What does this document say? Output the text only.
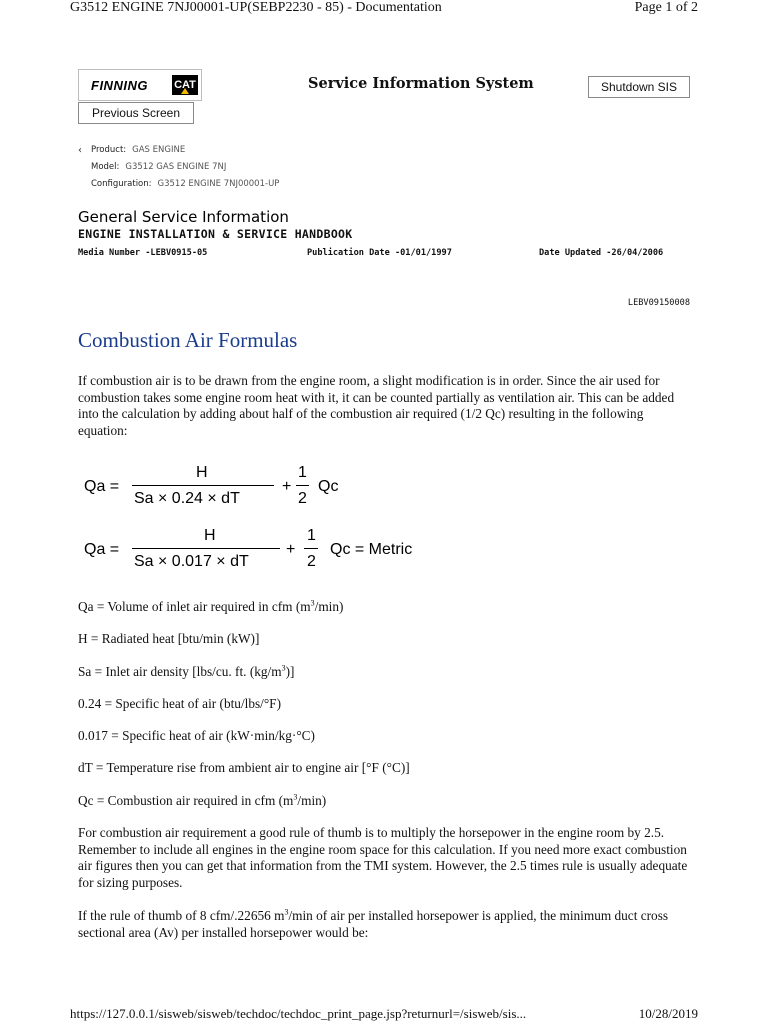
G3512 ENGINE 7NJ00001-UP(SEBP2230 - 85) - Documentation	Page 1 of 2
FINNING CAT	Service Information System	Shutdown SIS
Previous Screen
‹ Product: GAS ENGINE
Model: G3512 GAS ENGINE 7NJ
Configuration: G3512 ENGINE 7NJ00001-UP
General Service Information
ENGINE INSTALLATION & SERVICE HANDBOOK
Media Number -LEBV0915-05	Publication Date -01/01/1997	Date Updated -26/04/2006
LEBV09150008
Combustion Air Formulas
If combustion air is to be drawn from the engine room, a slight modification is in order. Since the air used for combustion takes some engine room heat with it, it can be counted partially as ventilation air. This can be added into the calculation by adding about half of the combustion air required (1/2 Qc) resulting in the following equation:
Qa =
H
Sa × 0.24 × dT
+
1
2
Qc
Qa =
H
Sa × 0.017 × dT
+
1
2
Qc = Metric
Qa = Volume of inlet air required in cfm $(m^3/\min)$
H = Radiated heat [btu/min (kW)]
Sa = Inlet air density [lbs/cu. ft. $(kg/m^3)$]
0.24 = Specific heat of air (btu/lbs/°F)
0.017 = Specific heat of air (kW·min/kg·°C)
dT = Temperature rise from ambient air to engine air [°F (°C)]
Qc = Combustion air required in cfm $(m^3/\min)$
For combustion air requirement a good rule of thumb is to multiply the horsepower in the engine room by 2.5. Remember to include all engines in the engine room space for this calculation. If you need more exact combustion air figures then you can get that information from the TMI system. However, the 2.5 times rule is usually adequate for sizing purposes.
If the rule of thumb of 8 cfm/.22656 $m^3/\min$ of air per installed horsepower is applied, the minimum duct cross sectional area (Av) per installed horsepower would be:
https://127.0.0.1/sisweb/sisweb/techdoc/techdoc_print_page.jsp?returnurl=/sisweb/sis...	10/28/2019
